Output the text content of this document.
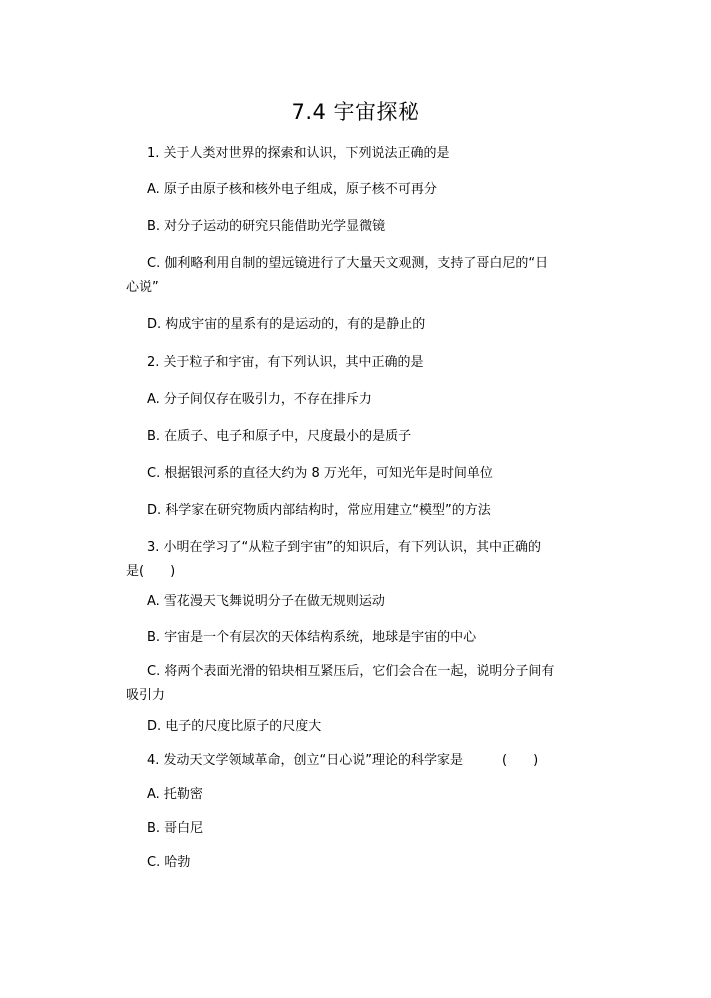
7.4 宇宙探秘
1. 关于人类对世界的探索和认识，下列说法正确的是
A. 原子由原子核和核外电子组成，原子核不可再分
B. 对分子运动的研究只能借助光学显微镜
C. 伽利略利用自制的望远镜进行了大量天文观测，支持了哥白尼的“日
心说”
D. 构成宇宙的星系有的是运动的，有的是静止的
2. 关于粒子和宇宙，有下列认识，其中正确的是
A. 分子间仅存在吸引力，不存在排斥力
B. 在质子、电子和原子中，尺度最小的是质子
C. 根据银河系的直径大约为 8 万光年，可知光年是时间单位
D. 科学家在研究物质内部结构时，常应用建立“模型”的方法
3. 小明在学习了“从粒子到宇宙”的知识后，有下列认识，其中正确的
是(　　)
A. 雪花漫天飞舞说明分子在做无规则运动
B. 宇宙是一个有层次的天体结构系统，地球是宇宙的中心
C. 将两个表面光滑的铅块相互紧压后，它们会合在一起，说明分子间有
吸引力
D. 电子的尺度比原子的尺度大
4. 发动天文学领域革命，创立“日心说”理论的科学家是　　　(　　)
A. 托勒密
B. 哥白尼
C. 哈勃
